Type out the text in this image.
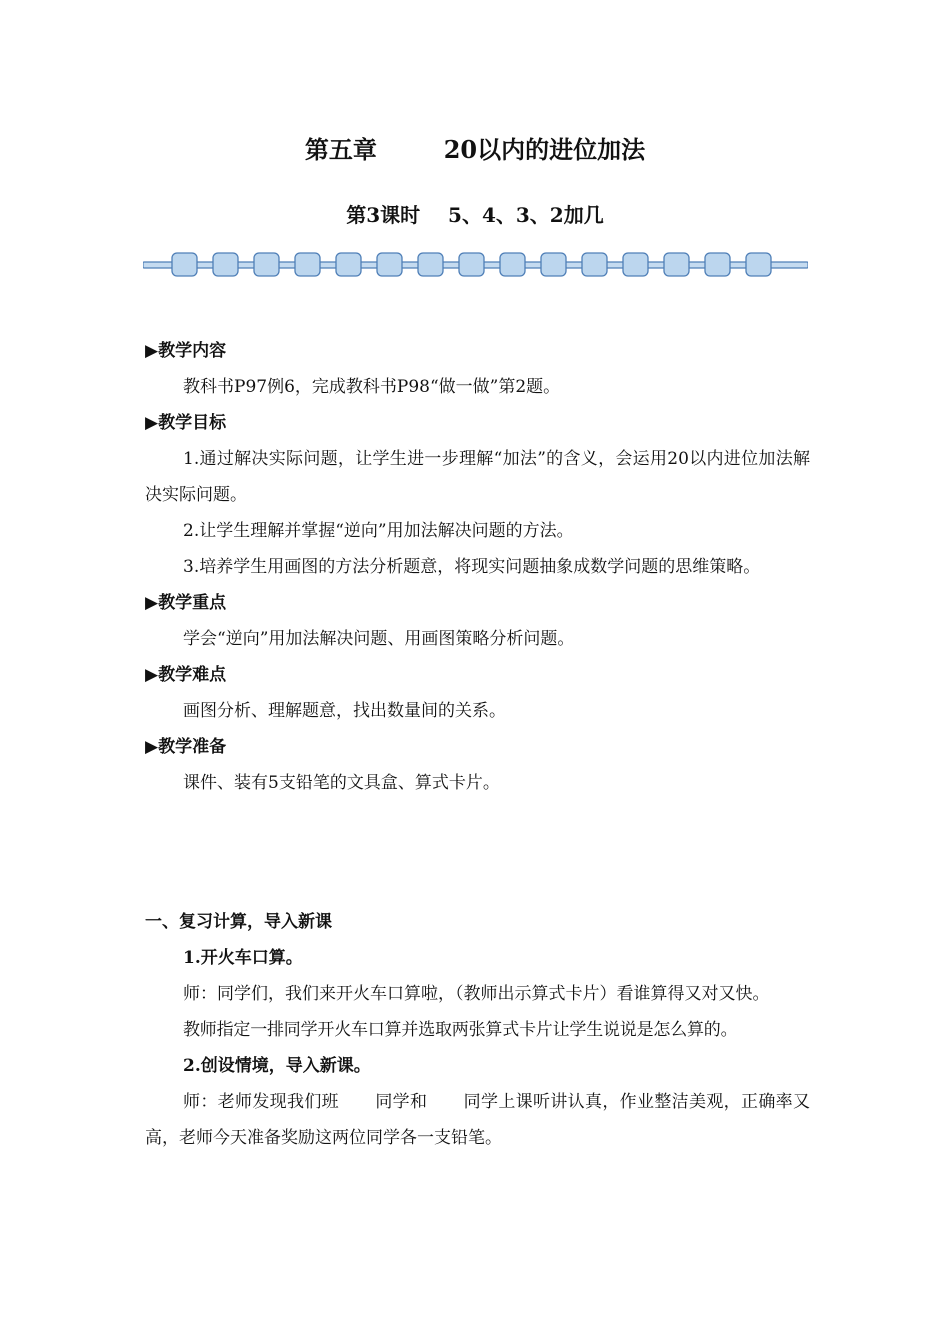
第五章	20以内的进位加法
第3课时 5、4、3、2加几
▶教学内容
教科书P97例6，完成教科书P98“做一做”第2题。
▶教学目标
1.通过解决实际问题，让学生进一步理解“加法”的含义，会运用20以内进位加法解决实际问题。
2.让学生理解并掌握“逆向”用加法解决问题的方法。
3.培养学生用画图的方法分析题意，将现实问题抽象成数学问题的思维策略。
▶教学重点
学会“逆向”用加法解决问题、用画图策略分析问题。
▶教学难点
画图分析、理解题意，找出数量间的关系。
▶教学准备
课件、装有5支铅笔的文具盒、算式卡片。
一、复习计算，导入新课
1.开火车口算。
师：同学们，我们来开火车口算啦，（教师出示算式卡片）看谁算得又对又快。
教师指定一排同学开火车口算并选取两张算式卡片让学生说说是怎么算的。
2.创设情境，导入新课。
师：老师发现我们班 同学和 同学上课听讲认真，作业整洁美观，正确率又高，老师今天准备奖励这两位同学各一支铅笔。
